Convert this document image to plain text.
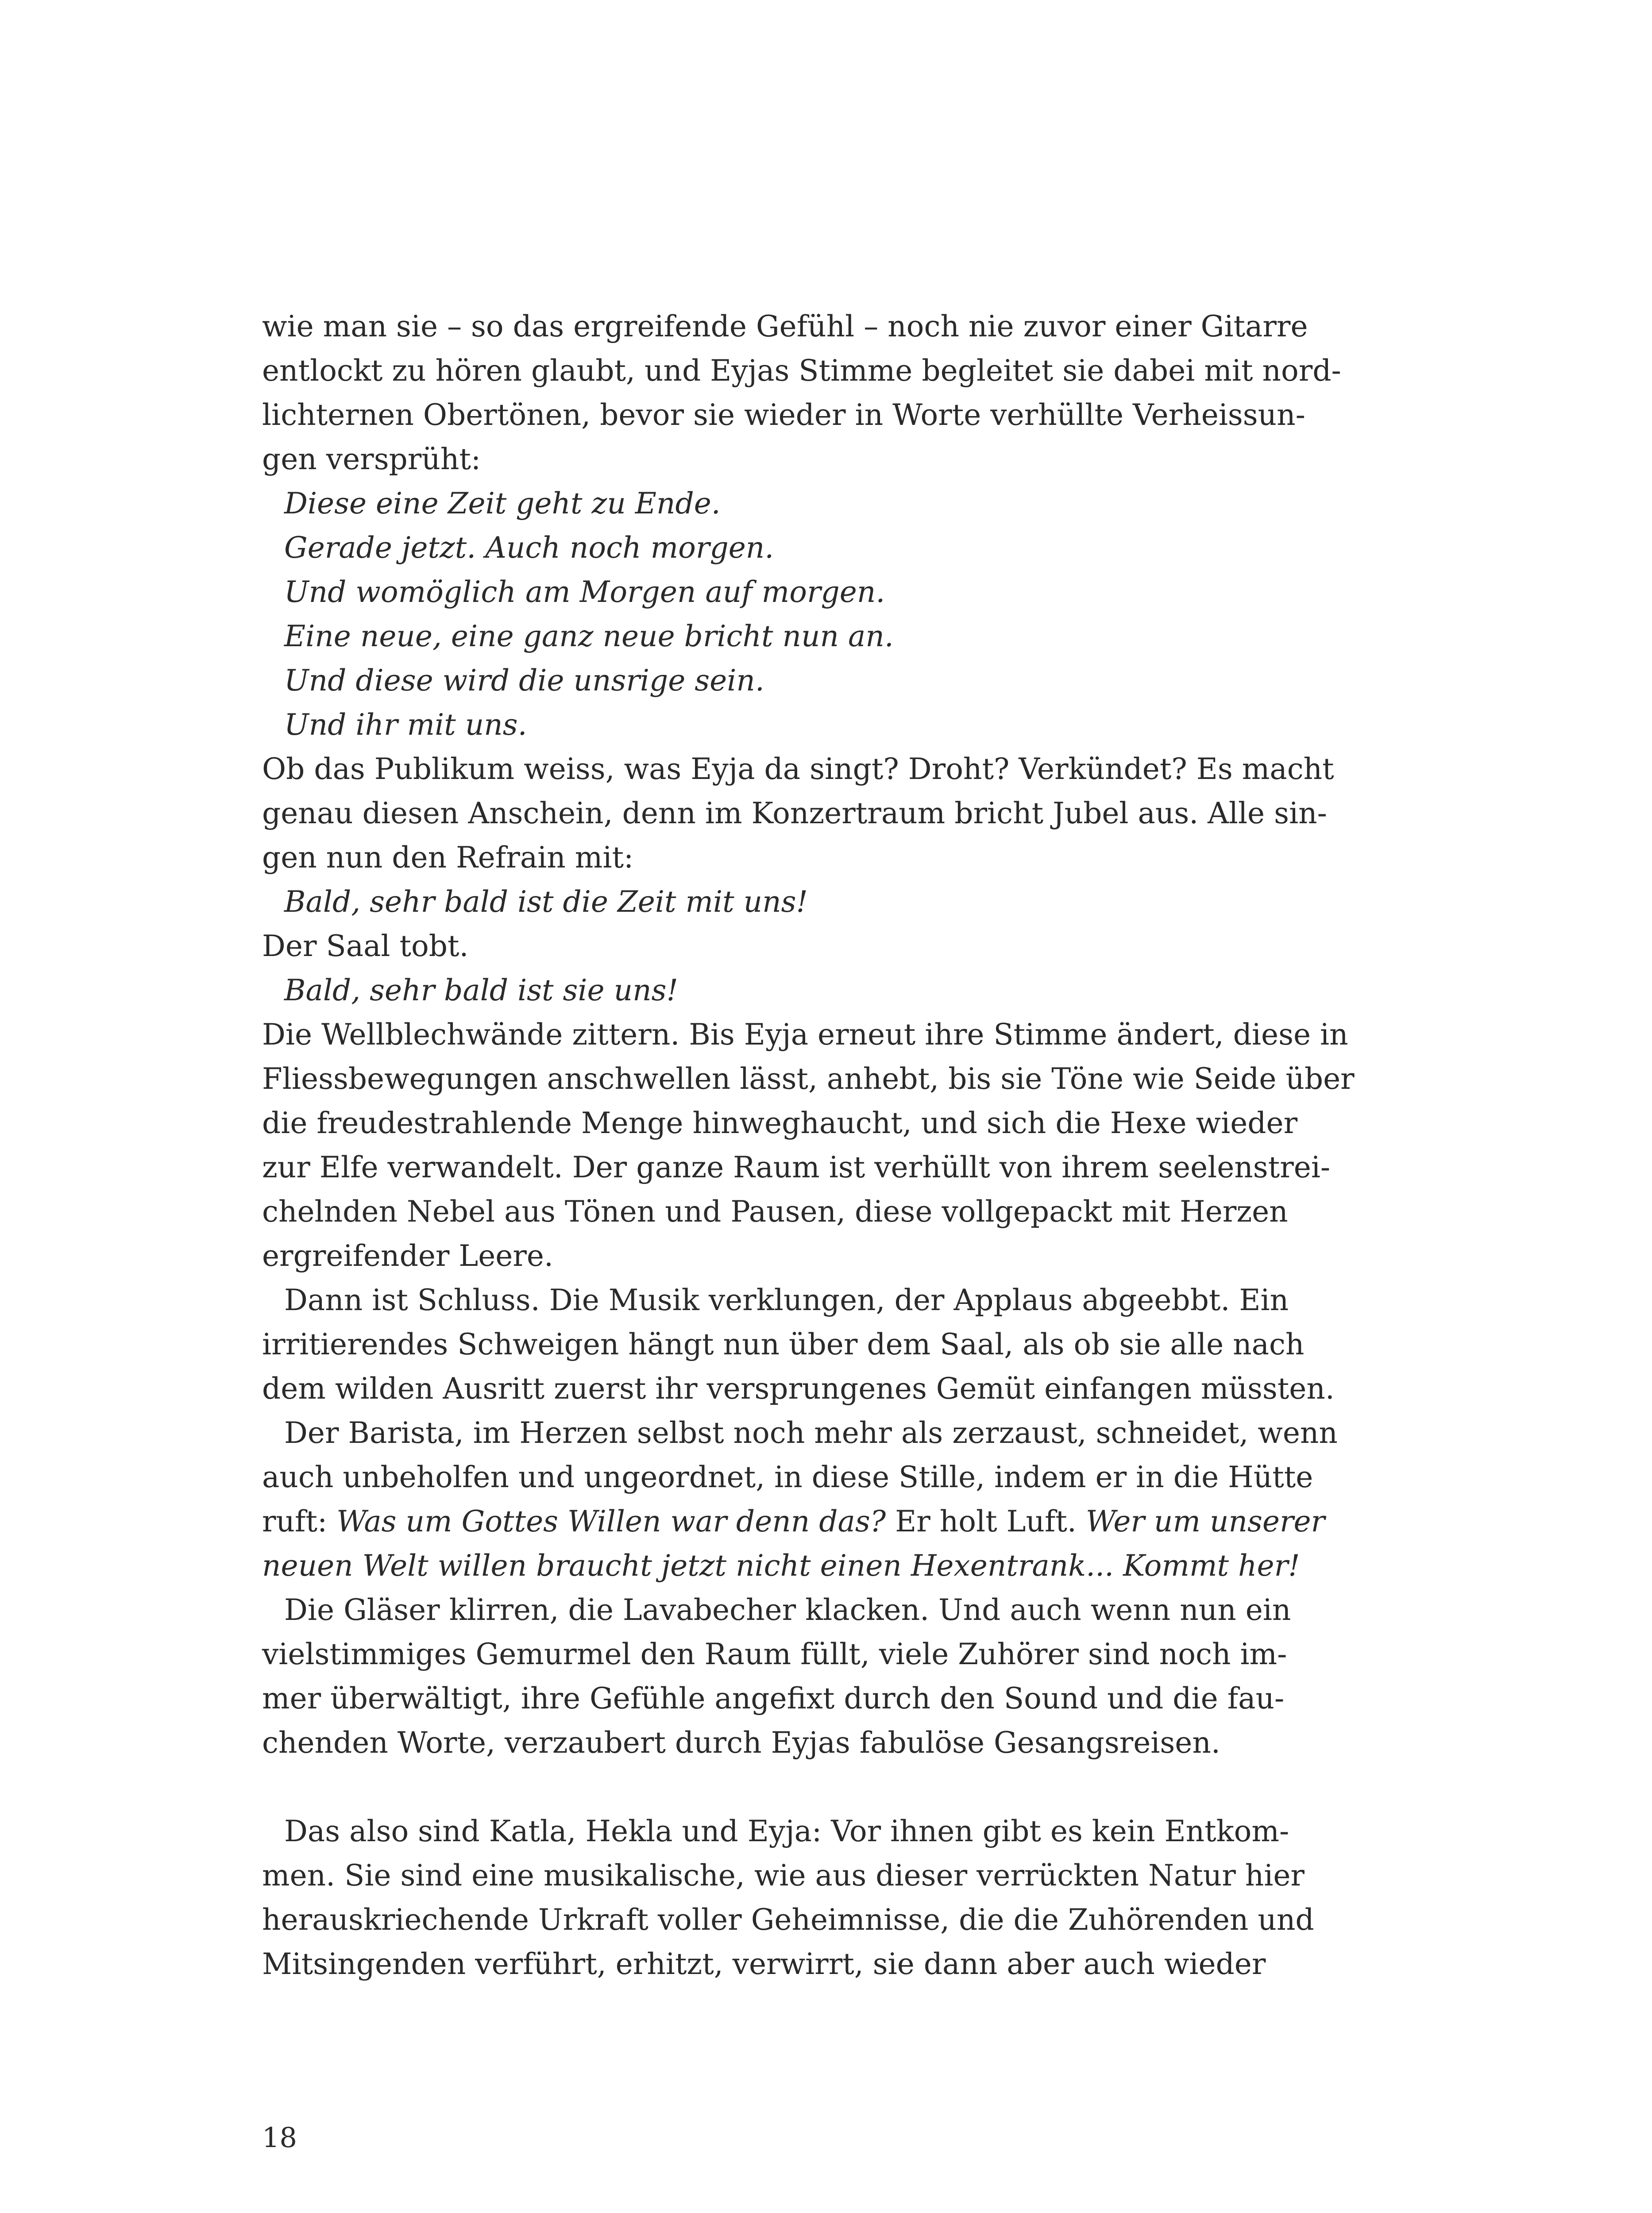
wie man sie – so das ergreifende Gefühl – noch nie zuvor einer Gitarre
entlockt zu hören glaubt, und Eyjas Stimme begleitet sie dabei mit nord-
lichternen Obertönen, bevor sie wieder in Worte verhüllte Verheissun-
gen versprüht:
Diese eine Zeit geht zu Ende.
Gerade jetzt. Auch noch morgen.
Und womöglich am Morgen auf morgen.
Eine neue, eine ganz neue bricht nun an.
Und diese wird die unsrige sein.
Und ihr mit uns.
Ob das Publikum weiss, was Eyja da singt? Droht? Verkündet? Es macht
genau diesen Anschein, denn im Konzertraum bricht Jubel aus. Alle sin-
gen nun den Refrain mit:
Bald, sehr bald ist die Zeit mit uns!
Der Saal tobt.
Bald, sehr bald ist sie uns!
Die Wellblechwände zittern. Bis Eyja erneut ihre Stimme ändert, diese in
Fliessbewegungen anschwellen lässt, anhebt, bis sie Töne wie Seide über
die freudestrahlende Menge hinweghaucht, und sich die Hexe wieder
zur Elfe verwandelt. Der ganze Raum ist verhüllt von ihrem seelenstrei-
chelnden Nebel aus Tönen und Pausen, diese vollgepackt mit Herzen
ergreifender Leere.
Dann ist Schluss. Die Musik verklungen, der Applaus abgeebbt. Ein
irritierendes Schweigen hängt nun über dem Saal, als ob sie alle nach
dem wilden Ausritt zuerst ihr versprungenes Gemüt einfangen müssten.
Der Barista, im Herzen selbst noch mehr als zerzaust, schneidet, wenn
auch unbeholfen und ungeordnet, in diese Stille, indem er in die Hütte
ruft: Was um Gottes Willen war denn das? Er holt Luft. Wer um unserer
neuen Welt willen braucht jetzt nicht einen Hexentrank... Kommt her!
Die Gläser klirren, die Lavabecher klacken. Und auch wenn nun ein
vielstimmiges Gemurmel den Raum füllt, viele Zuhörer sind noch im-
mer überwältigt, ihre Gefühle angefixt durch den Sound und die fau-
chenden Worte, verzaubert durch Eyjas fabulöse Gesangsreisen.
Das also sind Katla, Hekla und Eyja: Vor ihnen gibt es kein Entkom-
men. Sie sind eine musikalische, wie aus dieser verrückten Natur hier
herauskriechende Urkraft voller Geheimnisse, die die Zuhörenden und
Mitsingenden verführt, erhitzt, verwirrt, sie dann aber auch wieder
18
